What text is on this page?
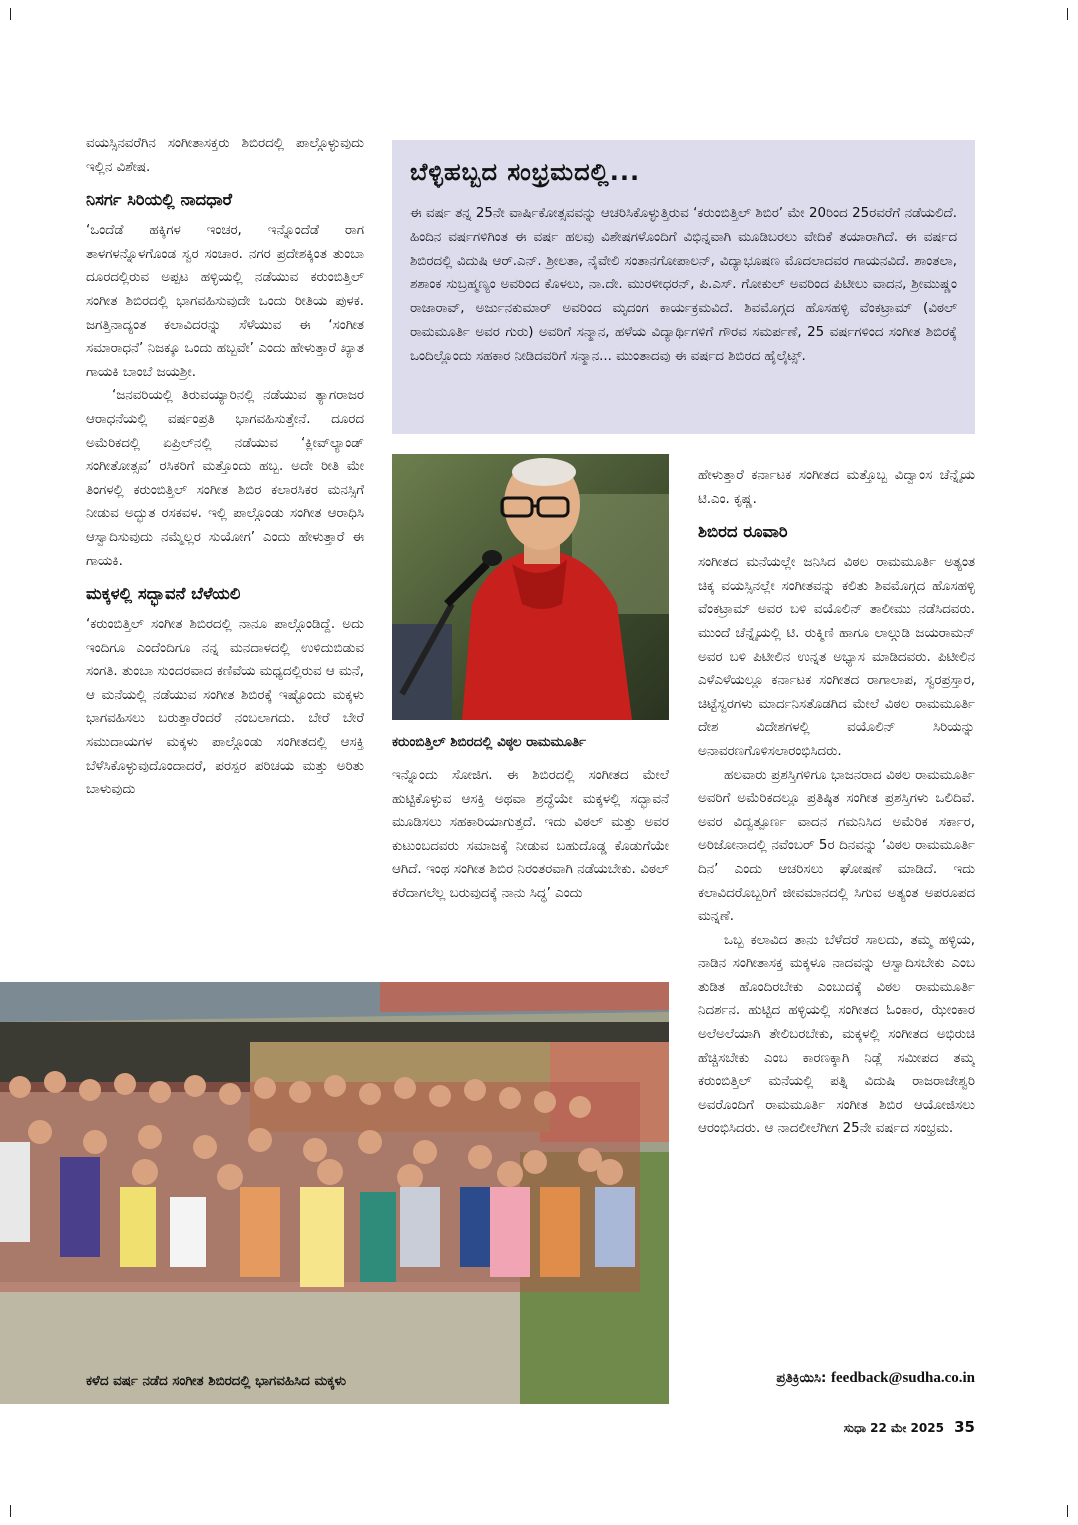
ವಯಸ್ಸಿನವರೆಗಿನ ಸಂಗೀತಾಸಕ್ತರು ಶಿಬಿರದಲ್ಲಿ ಪಾಲ್ಗೊಳ್ಳುವುದು ಇಲ್ಲಿನ ವಿಶೇಷ.

ನಿಸರ್ಗ ಸಿರಿಯಲ್ಲಿ ನಾದಧಾರೆ

‘ಒಂದೆಡೆ ಹಕ್ಕಿಗಳ ಇಂಚರ, ಇನ್ನೊಂದೆಡೆ ರಾಗ ತಾಳಗಳನ್ನೊಳಗೊಂಡ ಸ್ವರ ಸಂಚಾರ. ನಗರ ಪ್ರದೇಶಕ್ಕಿಂತ ತುಂಬಾ ದೂರದಲ್ಲಿರುವ ಅಪ್ಪಟ ಹಳ್ಳಿಯಲ್ಲಿ ನಡೆಯುವ ಕರುಂಬಿತ್ತಿಲ್ ಸಂಗೀತ ಶಿಬಿರದಲ್ಲಿ ಭಾಗವಹಿಸುವುದೇ ಒಂದು ರೀತಿಯ ಪುಳಕ. ಜಗತ್ತಿನಾದ್ಯಂತ ಕಲಾವಿದರನ್ನು ಸೆಳೆಯುವ ಈ ‘ಸಂಗೀತ ಸಮಾರಾಧನೆ’ ನಿಜಕ್ಕೂ ಒಂದು ಹಬ್ಬವೇ’ ಎಂದು ಹೇಳುತ್ತಾರೆ ಖ್ಯಾತ ಗಾಯಕಿ ಬಾಂಬೆ ಜಯಶ್ರೀ.

‘ಜನವರಿಯಲ್ಲಿ ತಿರುವಯ್ಯಾರಿನಲ್ಲಿ ನಡೆಯುವ ತ್ಯಾಗರಾಜರ ಆರಾಧನೆಯಲ್ಲಿ ವರ್ಷಂಪ್ರತಿ ಭಾಗವಹಿಸುತ್ತೇನೆ. ದೂರದ ಅಮೆರಿಕದಲ್ಲಿ ಏಪ್ರಿಲ್‌ನಲ್ಲಿ ನಡೆಯುವ ‘ಕ್ಲೀವ್‌ಲ್ಯಾಂಡ್ ಸಂಗೀತೋತ್ಸವ’ ರಸಿಕರಿಗೆ ಮತ್ತೊಂದು ಹಬ್ಬ. ಅದೇ ರೀತಿ ಮೇ ತಿಂಗಳಲ್ಲಿ ಕರುಂಬಿತ್ತಿಲ್ ಸಂಗೀತ ಶಿಬಿರ ಕಲಾರಸಿಕರ ಮನಸ್ಸಿಗೆ ನೀಡುವ ಅದ್ಭುತ ರಸಕವಳ. ಇಲ್ಲಿ ಪಾಲ್ಗೊಂಡು ಸಂಗೀತ ಆರಾಧಿಸಿ ಆಸ್ವಾದಿಸುವುದು ನಮ್ಮೆಲ್ಲರ ಸುಯೋಗ’ ಎಂದು ಹೇಳುತ್ತಾರೆ ಈ ಗಾಯಕಿ.

ಮಕ್ಕಳಲ್ಲಿ ಸದ್ಭಾವನೆ ಬೆಳೆಯಲಿ

‘ಕರುಂಬಿತ್ತಿಲ್ ಸಂಗೀತ ಶಿಬಿರದಲ್ಲಿ ನಾನೂ ಪಾಲ್ಗೊಂಡಿದ್ದೆ. ಅದು ಇಂದಿಗೂ ಎಂದೆಂದಿಗೂ ನನ್ನ ಮನದಾಳದಲ್ಲಿ ಉಳಿದುಬಿಡುವ ಸಂಗತಿ. ತುಂಬಾ ಸುಂದರವಾದ ಕಣಿವೆಯ ಮಧ್ಯದಲ್ಲಿರುವ ಆ ಮನೆ, ಆ ಮನೆಯಲ್ಲಿ ನಡೆಯುವ ಸಂಗೀತ ಶಿಬಿರಕ್ಕೆ ಇಷ್ಟೊಂದು ಮಕ್ಕಳು ಭಾಗವಹಿಸಲು ಬರುತ್ತಾರೆಂದರೆ ನಂಬಲಾಗದು. ಬೇರೆ ಬೇರೆ ಸಮುದಾಯಗಳ ಮಕ್ಕಳು ಪಾಲ್ಗೊಂಡು ಸಂಗೀತದಲ್ಲಿ ಆಸಕ್ತಿ ಬೆಳೆಸಿಕೊಳ್ಳುವುದೊಂದಾದರೆ, ಪರಸ್ಪರ ಪರಿಚಯ ಮತ್ತು ಅರಿತು ಬಾಳುವುದು

ಬೆಳ್ಳಿಹಬ್ಬದ ಸಂಭ್ರಮದಲ್ಲಿ...

ಈ ವರ್ಷ ತನ್ನ 25ನೇ ವಾರ್ಷಿಕೋತ್ಸವವನ್ನು ಆಚರಿಸಿಕೊಳ್ಳುತ್ತಿರುವ ‘ಕರುಂಬಿತ್ತಿಲ್ ಶಿಬಿರ’ ಮೇ 20ರಿಂದ 25ರವರೆಗೆ ನಡೆಯಲಿದೆ. ಹಿಂದಿನ ವರ್ಷಗಳಿಗಿಂತ ಈ ವರ್ಷ ಹಲವು ವಿಶೇಷಗಳೊಂದಿಗೆ ವಿಭಿನ್ನವಾಗಿ ಮೂಡಿಬರಲು ವೇದಿಕೆ ತಯಾರಾಗಿದೆ. ಈ ವರ್ಷದ ಶಿಬಿರದಲ್ಲಿ ವಿದುಷಿ ಆರ್‌.ಎನ್‌. ಶ್ರೀಲತಾ, ನೈವೇಲಿ ಸಂತಾನಗೋಪಾಲನ್, ವಿದ್ಯಾಭೂಷಣ ಮೊದಲಾದವರ ಗಾಯನವಿದೆ. ಶಾಂತಲಾ, ಶಶಾಂಕ ಸುಬ್ರಹ್ಮಣ್ಯಂ ಅವರಿಂದ ಕೊಳಲು, ನಾ.ದೇ. ಮುರಳೀಧರನ್, ಪಿ.ಎಸ್‌. ಗೋಕುಲ್ ಅವರಿಂದ ಪಿಟೀಲು ವಾದನ, ಶ್ರೀಮುಷ್ಣಂ ರಾಜಾರಾವ್, ಅರ್ಜುನಕುಮಾರ್ ಅವರಿಂದ ಮೃದಂಗ ಕಾರ್ಯಕ್ರಮವಿದೆ. ಶಿವಮೊಗ್ಗದ ಹೊಸಹಳ್ಳಿ ವೆಂಕಟ್ರಾಮ್ (ವಿಠಲ್ ರಾಮಮೂರ್ತಿ ಅವರ ಗುರು) ಅವರಿಗೆ ಸನ್ಮಾನ, ಹಳೆಯ ವಿದ್ಯಾರ್ಥಿಗಳಿಗೆ ಗೌರವ ಸಮರ್ಪಣೆ, 25 ವರ್ಷಗಳಿಂದ ಸಂಗೀತ ಶಿಬಿರಕ್ಕೆ ಒಂದಿಲ್ಲೊಂದು ಸಹಕಾರ ನೀಡಿದವರಿಗೆ ಸನ್ಮಾನ... ಮುಂತಾದವು ಈ ವರ್ಷದ ಶಿಬಿರದ ಹೈಲೈಟ್ಸ್.

ಕರುಂಬಿತ್ತಿಲ್ ಶಿಬಿರದಲ್ಲಿ ವಿಠ್ಠಲ ರಾಮಮೂರ್ತಿ

ಇನ್ನೊಂದು ಸೋಜಿಗ. ಈ ಶಿಬಿರದಲ್ಲಿ ಸಂಗೀತದ ಮೇಲೆ ಹುಟ್ಟಿಕೊಳ್ಳುವ ಆಸಕ್ತಿ ಅಥವಾ ಶ್ರದ್ಧೆಯೇ ಮಕ್ಕಳಲ್ಲಿ ಸದ್ಭಾವನೆ ಮೂಡಿಸಲು ಸಹಕಾರಿಯಾಗುತ್ತದೆ. ಇದು ವಿಠಲ್ ಮತ್ತು ಅವರ ಕುಟುಂಬದವರು ಸಮಾಜಕ್ಕೆ ನೀಡುವ ಬಹುದೊಡ್ಡ ಕೊಡುಗೆಯೇ ಆಗಿದೆ. ಇಂಥ ಸಂಗೀತ ಶಿಬಿರ ನಿರಂತರವಾಗಿ ನಡೆಯಬೇಕು. ವಿಠಲ್ ಕರೆದಾಗಲೆಲ್ಲ ಬರುವುದಕ್ಕೆ ನಾನು ಸಿದ್ಧ’ ಎಂದು

ಹೇಳುತ್ತಾರೆ ಕರ್ನಾಟಕ ಸಂಗೀತದ ಮತ್ತೊಬ್ಬ ವಿದ್ವಾಂಸ ಚೆನ್ನೈಯ ಟಿ.ಎಂ. ಕೃಷ್ಣ.

ಶಿಬಿರದ ರೂವಾರಿ

ಸಂಗೀತದ ಮನೆಯಲ್ಲೇ ಜನಿಸಿದ ವಿಠಲ ರಾಮಮೂರ್ತಿ ಅತ್ಯಂತ ಚಿಕ್ಕ ವಯಸ್ಸಿನಲ್ಲೇ ಸಂಗೀತವನ್ನು ಕಲಿತು ಶಿವಮೊಗ್ಗದ ಹೊಸಹಳ್ಳಿ ವೆಂಕಟ್ರಾಮ್ ಅವರ ಬಳಿ ವಯೊಲಿನ್ ತಾಲೀಮು ನಡೆಸಿದವರು. ಮುಂದೆ ಚೆನ್ನೈಯಲ್ಲಿ ಟಿ. ರುಕ್ಮಿಣಿ ಹಾಗೂ ಲಾಲ್ಗುಡಿ ಜಯರಾಮನ್ ಅವರ ಬಳಿ ಪಿಟೀಲಿನ ಉನ್ನತ ಅಭ್ಯಾಸ ಮಾಡಿದವರು. ಪಿಟೀಲಿನ ಎಳೆಎಳೆಯಲ್ಲೂ ಕರ್ನಾಟಕ ಸಂಗೀತದ ರಾಗಾಲಾಪ, ಸ್ವರಪ್ರಸ್ತಾರ, ಚಿಟ್ಟೆಸ್ವರಗಳು ಮಾರ್ದನಿಸತೊಡಗಿದ ಮೇಲೆ ವಿಠಲ ರಾಮಮೂರ್ತಿ ದೇಶ ವಿದೇಶಗಳಲ್ಲಿ ವಯೊಲಿನ್ ಸಿರಿಯನ್ನು ಅನಾವರಣಗೊಳಿಸಲಾರಂಭಿಸಿದರು.

ಹಲವಾರು ಪ್ರಶಸ್ತಿಗಳಿಗೂ ಭಾಜನರಾದ ವಿಠಲ ರಾಮಮೂರ್ತಿ ಅವರಿಗೆ ಅಮೆರಿಕದಲ್ಲೂ ಪ್ರತಿಷ್ಠಿತ ಸಂಗೀತ ಪ್ರಶಸ್ತಿಗಳು ಒಲಿದಿವೆ. ಅವರ ವಿದ್ವತ್ಪೂರ್ಣ ವಾದನ ಗಮನಿಸಿದ ಅಮೆರಿಕ ಸರ್ಕಾರ, ಅರಿಜೋನಾದಲ್ಲಿ ನವೆಂಬರ್ 5ರ ದಿನವನ್ನು ‘ವಿಠಲ ರಾಮಮೂರ್ತಿ ದಿನ’ ಎಂದು ಆಚರಿಸಲು ಘೋಷಣೆ ಮಾಡಿದೆ. ಇದು ಕಲಾವಿದರೊಬ್ಬರಿಗೆ ಜೀವಮಾನದಲ್ಲಿ ಸಿಗುವ ಅತ್ಯಂತ ಅಪರೂಪದ ಮನ್ನಣೆ.

ಒಬ್ಬ ಕಲಾವಿದ ತಾನು ಬೆಳೆದರೆ ಸಾಲದು, ತಮ್ಮ ಹಳ್ಳಿಯ, ನಾಡಿನ ಸಂಗೀತಾಸಕ್ತ ಮಕ್ಕಳೂ ನಾದವನ್ನು ಆಸ್ವಾದಿಸಬೇಕು ಎಂಬ ತುಡಿತ ಹೊಂದಿರಬೇಕು ಎಂಬುದಕ್ಕೆ ವಿಠಲ ರಾಮಮೂರ್ತಿ ನಿದರ್ಶನ. ಹುಟ್ಟಿದ ಹಳ್ಳಿಯಲ್ಲಿ ಸಂಗೀತದ ಓಂಕಾರ, ಝೇಂಕಾರ ಅಲೆಅಲೆಯಾಗಿ ತೇಲಿಬರಬೇಕು, ಮಕ್ಕಳಲ್ಲಿ ಸಂಗೀತದ ಅಭಿರುಚಿ ಹೆಚ್ಚಿಸಬೇಕು ಎಂಬ ಕಾರಣಕ್ಕಾಗಿ ನಿಡ್ಲೆ ಸಮೀಪದ ತಮ್ಮ ಕರುಂಬಿತ್ತಿಲ್ ಮನೆಯಲ್ಲಿ ಪತ್ನಿ ವಿದುಷಿ ರಾಜರಾಜೇಶ್ವರಿ ಅವರೊಂದಿಗೆ ರಾಮಮೂರ್ತಿ ಸಂಗೀತ ಶಿಬಿರ ಆಯೋಜಿಸಲು ಆರಂಭಿಸಿದರು. ಆ ನಾದಲೀಲೆಗೀಗ 25ನೇ ವರ್ಷದ ಸಂಭ್ರಮ.

ಕಳೆದ ವರ್ಷ ನಡೆದ ಸಂಗೀತ ಶಿಬಿರದಲ್ಲಿ ಭಾಗವಹಿಸಿದ ಮಕ್ಕಳು	ಪ್ರತಿಕ್ರಿಯಿಸಿ: feedback@sudha.co.in
ಸುಧಾ 22 ಮೇ 2025 35
